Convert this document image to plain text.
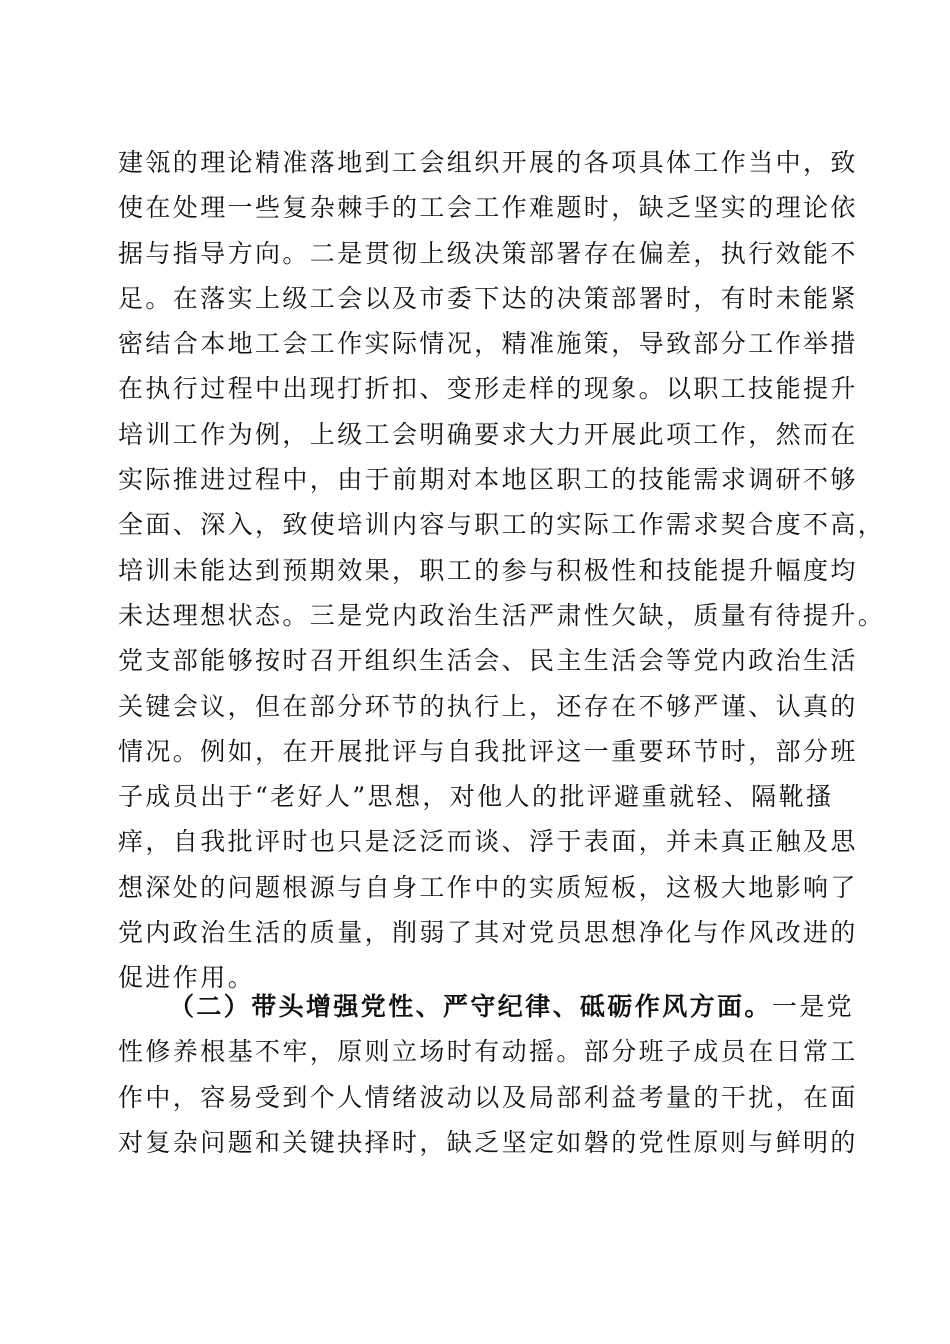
建瓴的理论精准落地到工会组织开展的各项具体工作当中，致
使在处理一些复杂棘手的工会工作难题时，缺乏坚实的理论依
据与指导方向。二是贯彻上级决策部署存在偏差，执行效能不
足。在落实上级工会以及市委下达的决策部署时，有时未能紧
密结合本地工会工作实际情况，精准施策，导致部分工作举措
在执行过程中出现打折扣、变形走样的现象。以职工技能提升
培训工作为例，上级工会明确要求大力开展此项工作，然而在
实际推进过程中，由于前期对本地区职工的技能需求调研不够
全面、深入，致使培训内容与职工的实际工作需求契合度不高，
培训未能达到预期效果，职工的参与积极性和技能提升幅度均
未达理想状态。三是党内政治生活严肃性欠缺，质量有待提升。
党支部能够按时召开组织生活会、民主生活会等党内政治生活
关键会议，但在部分环节的执行上，还存在不够严谨、认真的
情况。例如，在开展批评与自我批评这一重要环节时，部分班
子成员出于“老好人”思想，对他人的批评避重就轻、隔靴搔
痒，自我批评时也只是泛泛而谈、浮于表面，并未真正触及思
想深处的问题根源与自身工作中的实质短板，这极大地影响了
党内政治生活的质量，削弱了其对党员思想净化与作风改进的
促进作用。
（二）带头增强党性、严守纪律、砥砺作风方面。一是党
性修养根基不牢，原则立场时有动摇。部分班子成员在日常工
作中，容易受到个人情绪波动以及局部利益考量的干扰，在面
对复杂问题和关键抉择时，缺乏坚定如磐的党性原则与鲜明的
